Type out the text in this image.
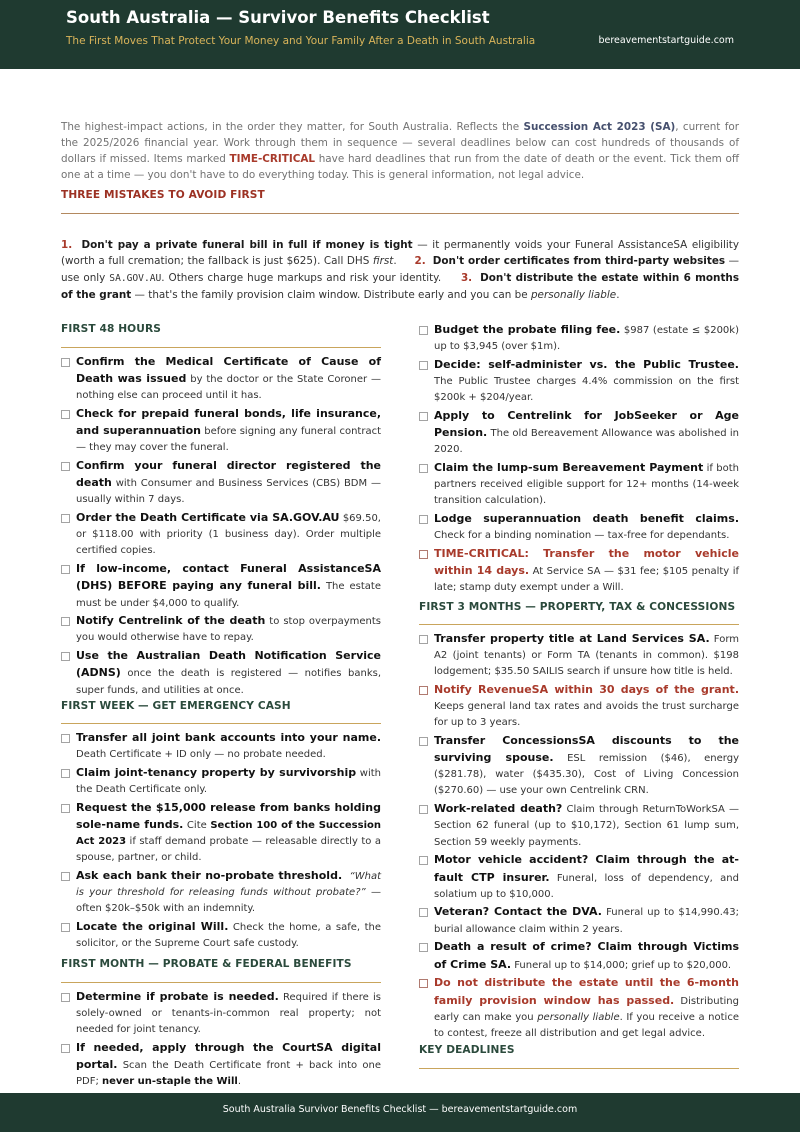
South Australia — Survivor Benefits Checklist
The First Moves That Protect Your Money and Your Family After a Death in South Australia	bereavementstartguide.com
The highest-impact actions, in the order they matter, for South Australia. Reflects the Succession Act 2023 (SA), current for the 2025/2026 financial year. Work through them in sequence — several deadlines below can cost hundreds of thousands of dollars if missed. Items marked TIME-CRITICAL have hard deadlines that run from the date of death or the event. Tick them off one at a time — you don't have to do everything today. This is general information, not legal advice.
THREE MISTAKES TO AVOID FIRST
1. Don't pay a private funeral bill in full if money is tight — it permanently voids your Funeral AssistanceSA eligibility (worth a full cremation; the fallback is just $625). Call DHS first. 2. Don't order certificates from third-party websites — use only SA.GOV.AU. Others charge huge markups and risk your identity. 3. Don't distribute the estate within 6 months of the grant — that's the family provision claim window. Distribute early and you can be personally liable.
FIRST 48 HOURS
Confirm the Medical Certificate of Cause of Death was issued by the doctor or the State Coroner — nothing else can proceed until it has.
Check for prepaid funeral bonds, life insurance, and superannuation before signing any funeral contract — they may cover the funeral.
Confirm your funeral director registered the death with Consumer and Business Services (CBS) BDM — usually within 7 days.
Order the Death Certificate via SA.GOV.AU $69.50, or $118.00 with priority (1 business day). Order multiple certified copies.
If low-income, contact Funeral AssistanceSA (DHS) BEFORE paying any funeral bill. The estate must be under $4,000 to qualify.
Notify Centrelink of the death to stop overpayments you would otherwise have to repay.
Use the Australian Death Notification Service (ADNS) once the death is registered — notifies banks, super funds, and utilities at once.
FIRST WEEK — GET EMERGENCY CASH
Transfer all joint bank accounts into your name. Death Certificate + ID only — no probate needed.
Claim joint-tenancy property by survivorship with the Death Certificate only.
Request the $15,000 release from banks holding sole-name funds. Cite Section 100 of the Succession Act 2023 if staff demand probate — releasable directly to a spouse, partner, or child.
Ask each bank their no-probate threshold. “What is your threshold for releasing funds without probate?” — often $20k–$50k with an indemnity.
Locate the original Will. Check the home, a safe, the solicitor, or the Supreme Court safe custody.
FIRST MONTH — PROBATE & FEDERAL BENEFITS
Determine if probate is needed. Required if there is solely-owned or tenants-in-common real property; not needed for joint tenancy.
If needed, apply through the CourtSA digital portal. Scan the Death Certificate front + back into one PDF; never un-staple the Will.
Budget the probate filing fee. $987 (estate ≤ $200k) up to $3,945 (over $1m).
Decide: self-administer vs. the Public Trustee. The Public Trustee charges 4.4% commission on the first $200k + $204/year.
Apply to Centrelink for JobSeeker or Age Pension. The old Bereavement Allowance was abolished in 2020.
Claim the lump-sum Bereavement Payment if both partners received eligible support for 12+ months (14-week transition calculation).
Lodge superannuation death benefit claims. Check for a binding nomination — tax-free for dependants.
TIME-CRITICAL: Transfer the motor vehicle within 14 days. At Service SA — $31 fee; $105 penalty if late; stamp duty exempt under a Will.
FIRST 3 MONTHS — PROPERTY, TAX & CONCESSIONS
Transfer property title at Land Services SA. Form A2 (joint tenants) or Form TA (tenants in common). $198 lodgement; $35.50 SAILIS search if unsure how title is held.
Notify RevenueSA within 30 days of the grant. Keeps general land tax rates and avoids the trust surcharge for up to 3 years.
Transfer ConcessionsSA discounts to the surviving spouse. ESL remission ($46), energy ($281.78), water ($435.30), Cost of Living Concession ($270.60) — use your own Centrelink CRN.
Work-related death? Claim through ReturnToWorkSA — Section 62 funeral (up to $10,172), Section 61 lump sum, Section 59 weekly payments.
Motor vehicle accident? Claim through the at-fault CTP insurer. Funeral, loss of dependency, and solatium up to $10,000.
Veteran? Contact the DVA. Funeral up to $14,990.43; burial allowance claim within 2 years.
Death a result of crime? Claim through Victims of Crime SA. Funeral up to $14,000; grief up to $20,000.
Do not distribute the estate until the 6-month family provision window has passed. Distributing early can make you personally liable. If you receive a notice to contest, freeze all distribution and get legal advice.
KEY DEADLINES
South Australia Survivor Benefits Checklist — bereavementstartguide.com
